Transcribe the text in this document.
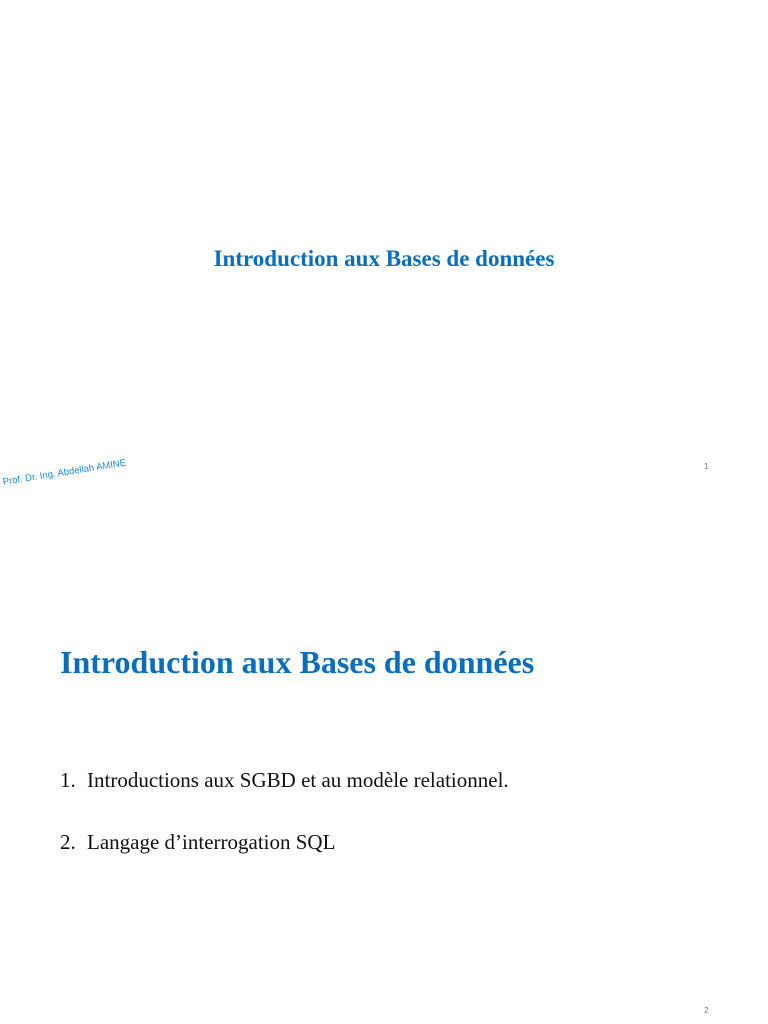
Introduction aux Bases de données
Prof. Dr. Ing. Abdellah AMINE	1
Introduction aux Bases de données
1. Introductions aux SGBD et au modèle relationnel.
2. Langage d’interrogation SQL
2
